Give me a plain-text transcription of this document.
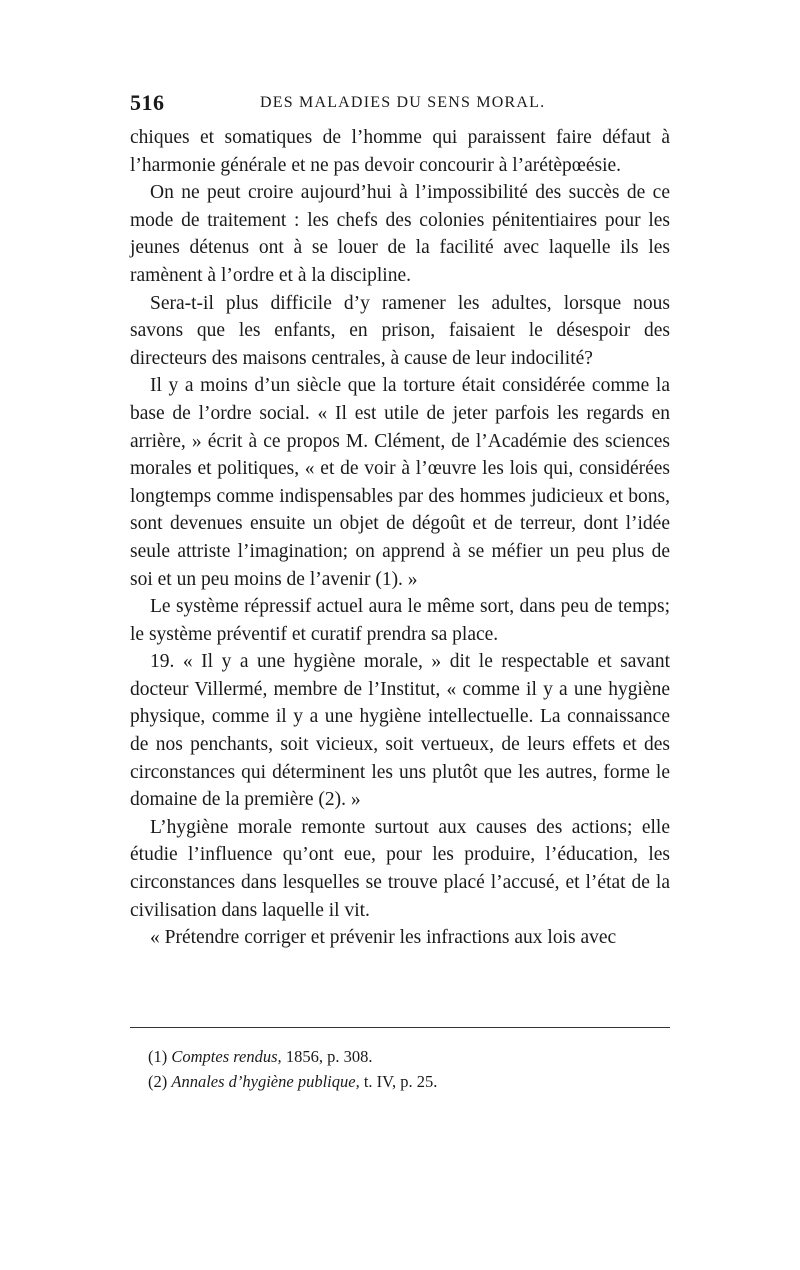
516	DES MALADIES DU SENS MORAL.

chiques et somatiques de l’homme qui paraissent faire défaut à l’harmonie générale et ne pas devoir concourir à l’arétèpœésie.

On ne peut croire aujourd’hui à l’impossibilité des succès de ce mode de traitement : les chefs des colonies pénitentiaires pour les jeunes détenus ont à se louer de la facilité avec laquelle ils les ramènent à l’ordre et à la discipline.

Sera-t-il plus difficile d’y ramener les adultes, lorsque nous savons que les enfants, en prison, faisaient le désespoir des directeurs des maisons centrales, à cause de leur indocilité?

Il y a moins d’un siècle que la torture était considérée comme la base de l’ordre social. « Il est utile de jeter parfois les regards en arrière, » écrit à ce propos M. Clément, de l’Académie des sciences morales et politiques, « et de voir à l’œuvre les lois qui, considérées longtemps comme indispensables par des hommes judicieux et bons, sont devenues ensuite un objet de dégoût et de terreur, dont l’idée seule attriste l’imagination; on apprend à se méfier un peu plus de soi et un peu moins de l’avenir (1). »

Le système répressif actuel aura le même sort, dans peu de temps; le système préventif et curatif prendra sa place.

19. « Il y a une hygiène morale, » dit le respectable et savant docteur Villermé, membre de l’Institut, « comme il y a une hygiène physique, comme il y a une hygiène intellectuelle. La connaissance de nos penchants, soit vicieux, soit vertueux, de leurs effets et des circonstances qui déterminent les uns plutôt que les autres, forme le domaine de la première (2). »

L’hygiène morale remonte surtout aux causes des actions; elle étudie l’influence qu’ont eue, pour les produire, l’éducation, les circonstances dans lesquelles se trouve placé l’accusé, et l’état de la civilisation dans laquelle il vit.

« Prétendre corriger et prévenir les infractions aux lois avec

(1) Comptes rendus, 1856, p. 308.

(2) Annales d’hygiène publique, t. IV, p. 25.
